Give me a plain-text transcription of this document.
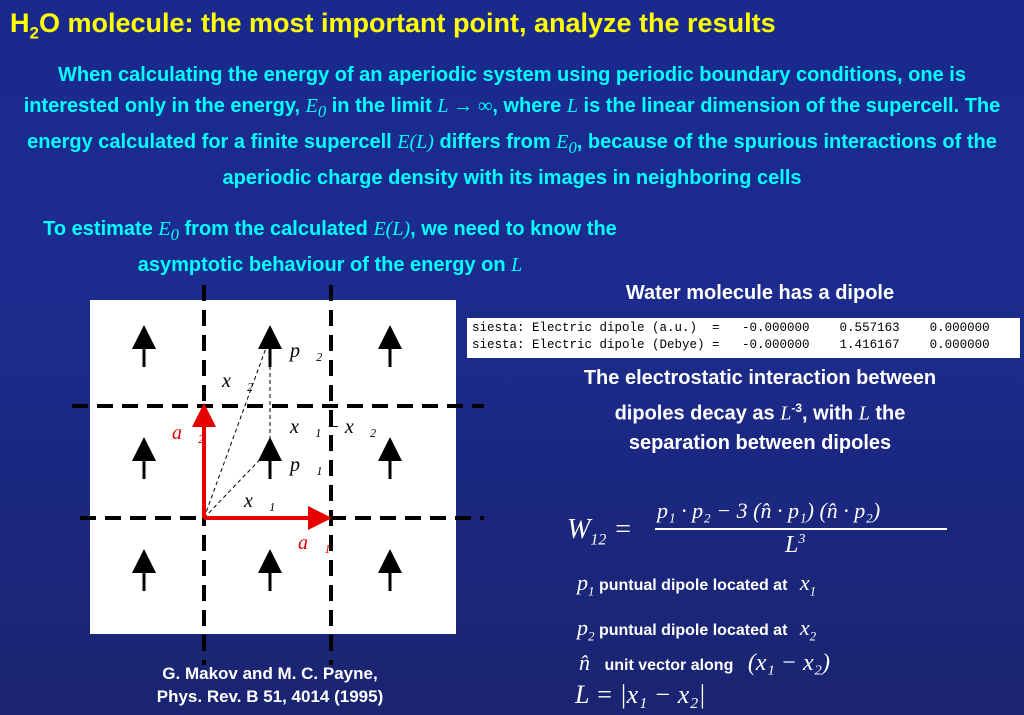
$H_2O$ molecule: the most important point, analyze the results
When calculating the energy of an aperiodic system using periodic boundary conditions, one is interested only in the energy, $E_0$ in the limit L → ∞, where L is the linear dimension of the supercell. The energy calculated for a finite supercell E(L) differs from $E_0$, because of the spurious interactions of the aperiodic charge density with its images in neighboring cells
To estimate $E_0$ from the calculated E(L), we need to know the asymptotic behaviour of the energy on L
p⃗₂
x⃗₂
x⃗₁ − x⃗₂
p⃗₁
x⃗₁
a⃗₂
a⃗₁
Water molecule has a dipole
siesta: Electric dipole (a.u.)  =   -0.000000    0.557163    0.000000
siesta: Electric dipole (Debye) =   -0.000000    1.416167    0.000000
The electrostatic interaction between dipoles decay as $L^{-3}$, with L the separation between dipoles
$W_{12}$ =
p₁ · p₂ − 3 (n̂ · p₁) (n̂ · p₂)
$L^3$
$p_1$ puntual dipole located at $x_1$
$p_2$ puntual dipole located at $x_2$
n̂ unit vector along (x₁ − x₂)
L = |x₁ − x₂|
G. Makov and M. C. Payne,
Phys. Rev. B 51, 4014 (1995)
